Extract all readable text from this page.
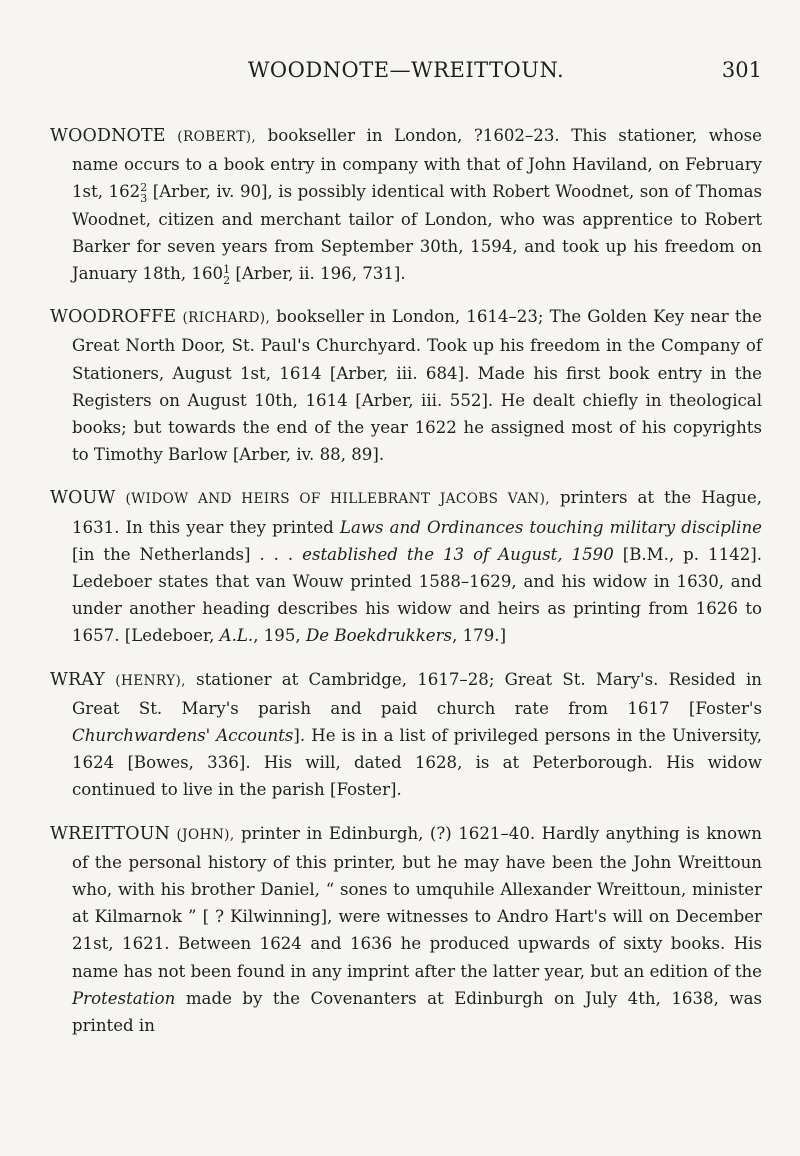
WOODNOTE—WREITTOUN.	301

WOODNOTE (ROBERT), bookseller in London, ?1602–23. This stationer, whose name occurs to a book entry in company with that of John Haviland, on February 1st, 162 2
3 [Arber, iv. 90], is possibly identical with Robert Woodnet, son of Thomas Woodnet, citizen and merchant tailor of London, who was apprentice to Robert Barker for seven years from September 30th, 1594, and took up his freedom on January 18th, 160 1
2 [Arber, ii. 196, 731].

WOODROFFE (RICHARD), bookseller in London, 1614–23; The Golden Key near the Great North Door, St. Paul's Churchyard. Took up his freedom in the Company of Stationers, August 1st, 1614 [Arber, iii. 684]. Made his first book entry in the Registers on August 10th, 1614 [Arber, iii. 552]. He dealt chiefly in theological books; but towards the end of the year 1622 he assigned most of his copyrights to Timothy Barlow [Arber, iv. 88, 89].

WOUW (WIDOW AND HEIRS OF HILLEBRANT JACOBS VAN), printers at the Hague, 1631. In this year they printed Laws and Ordinances touching military discipline [in the Netherlands] . . . established the 13 of August, 1590 [B.M., p. 1142]. Ledeboer states that van Wouw printed 1588–1629, and his widow in 1630, and under another heading describes his widow and heirs as printing from 1626 to 1657. [Ledeboer, A.L., 195, De Boekdrukkers, 179.]

WRAY (HENRY), stationer at Cambridge, 1617–28; Great St. Mary's. Resided in Great St. Mary's parish and paid church rate from 1617 [Foster's Churchwardens' Accounts]. He is in a list of privileged persons in the University, 1624 [Bowes, 336]. His will, dated 1628, is at Peterborough. His widow continued to live in the parish [Foster].

WREITTOUN (JOHN), printer in Edinburgh, (?) 1621–40. Hardly anything is known of the personal history of this printer, but he may have been the John Wreittoun who, with his brother Daniel, “ sones to umquhile Allexander Wreittoun, minister at Kilmarnok ” [ ? Kilwinning], were witnesses to Andro Hart's will on December 21st, 1621. Between 1624 and 1636 he produced upwards of sixty books. His name has not been found in any imprint after the latter year, but an edition of the Protestation made by the Covenanters at Edinburgh on July 4th, 1638, was printed in
